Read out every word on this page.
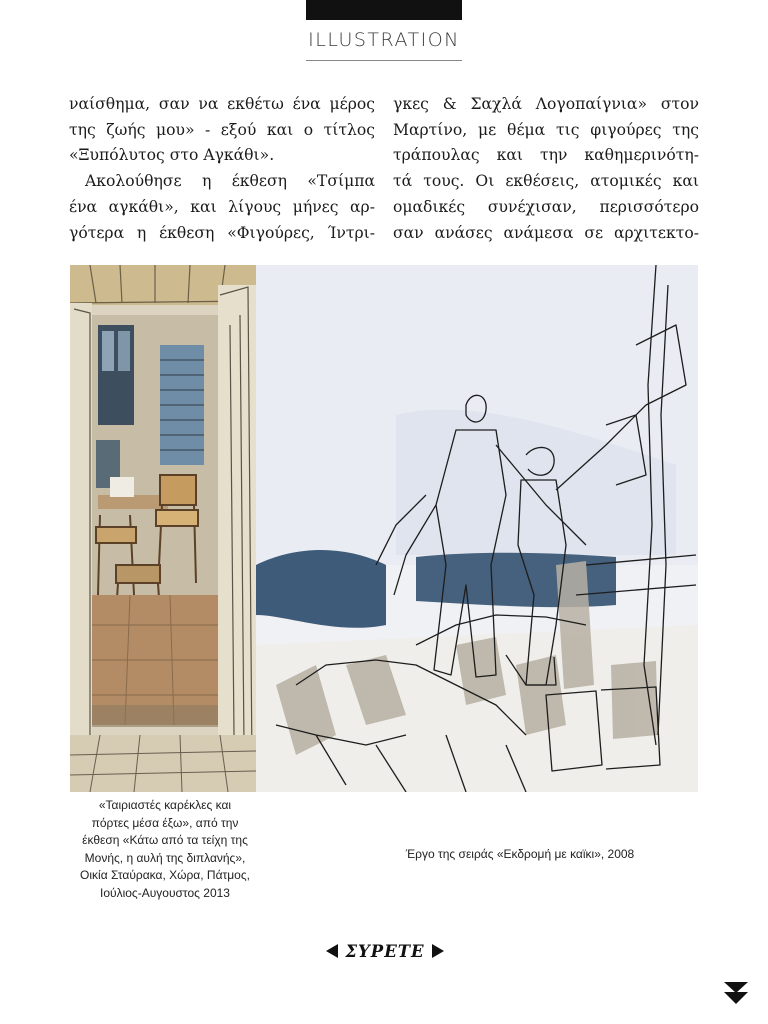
ILLUSTRATION
ναίσθημα, σαν να εκθέτω ένα μέρος
της ζωής μου» - εξού και ο τίτλος
«Ξυπόλυτος στο Αγκάθι».
Ακολούθησε η έκθεση «Τσίμπα
ένα αγκάθι», και λίγους μήνες αρ-
γότερα η έκθεση «Φιγούρες, Ίντρι-
γκες & Σαχλά Λογοπαίγνια» στον
Μαρτίνο, με θέμα τις φιγούρες της
τράπουλας και την καθημερινότη-
τά τους. Οι εκθέσεις, ατομικές και
ομαδικές συνέχισαν, περισσότερο
σαν ανάσες ανάμεσα σε αρχιτεκτο-
«Ταιριαστές καρέκλες και
πόρτες μέσα έξω», από την
έκθεση «Κάτω από τα τείχη της
Μονής, η αυλή της διπλανής»,
Οικία Σταύρακα, Χώρα, Πάτμος,
Ιούλιος-Αυγουστος 2013
Έργο της σειράς «Εκδρομή με καϊκι», 2008
ΣΥΡΕΤΕ
